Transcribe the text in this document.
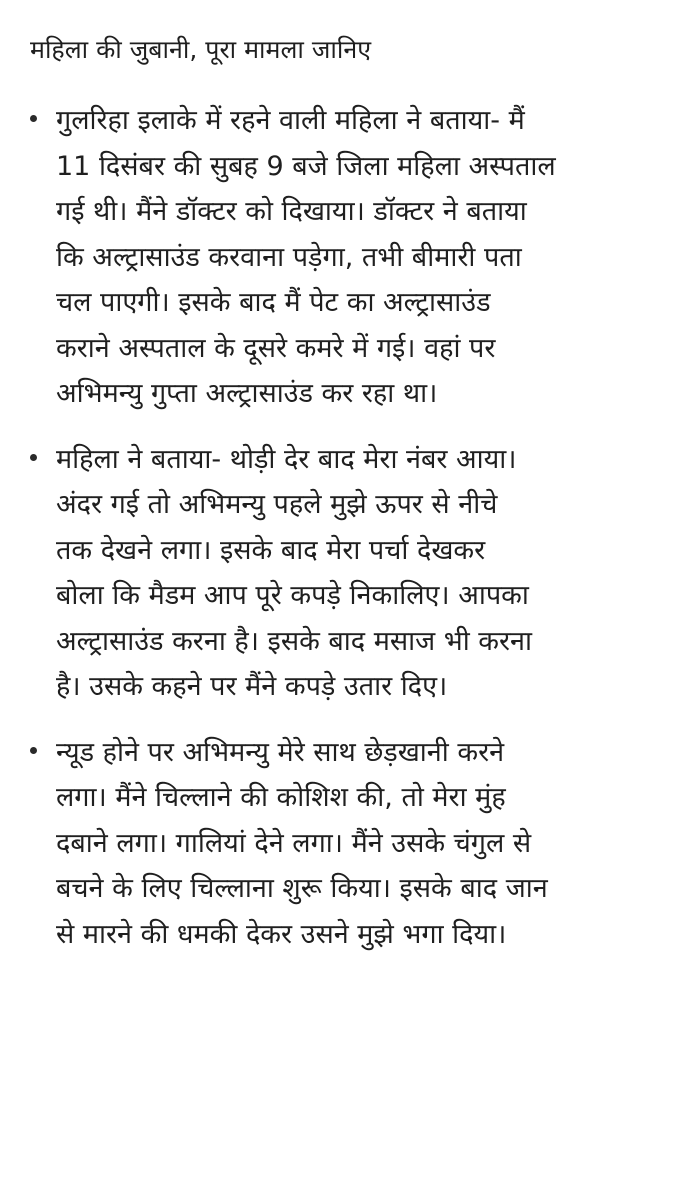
महिला की जुबानी, पूरा मामला जानिए
गुलरिहा इलाके में रहने वाली महिला ने बताया- मैं
11 दिसंबर की सुबह 9 बजे जिला महिला अस्पताल
गई थी। मैंने डॉक्टर को दिखाया। डॉक्टर ने बताया
कि अल्ट्रासाउंड करवाना पड़ेगा, तभी बीमारी पता
चल पाएगी। इसके बाद मैं पेट का अल्ट्रासाउंड
कराने अस्पताल के दूसरे कमरे में गई। वहां पर
अभिमन्यु गुप्ता अल्ट्रासाउंड कर रहा था।
महिला ने बताया- थोड़ी देर बाद मेरा नंबर आया।
अंदर गई तो अभिमन्यु पहले मुझे ऊपर से नीचे
तक देखने लगा। इसके बाद मेरा पर्चा देखकर
बोला कि मैडम आप पूरे कपड़े निकालिए। आपका
अल्ट्रासाउंड करना है। इसके बाद मसाज भी करना
है। उसके कहने पर मैंने कपड़े उतार दिए।
न्यूड होने पर अभिमन्यु मेरे साथ छेड़खानी करने
लगा। मैंने चिल्लाने की कोशिश की, तो मेरा मुंह
दबाने लगा। गालियां देने लगा। मैंने उसके चंगुल से
बचने के लिए चिल्लाना शुरू किया। इसके बाद जान
से मारने की धमकी देकर उसने मुझे भगा दिया।
